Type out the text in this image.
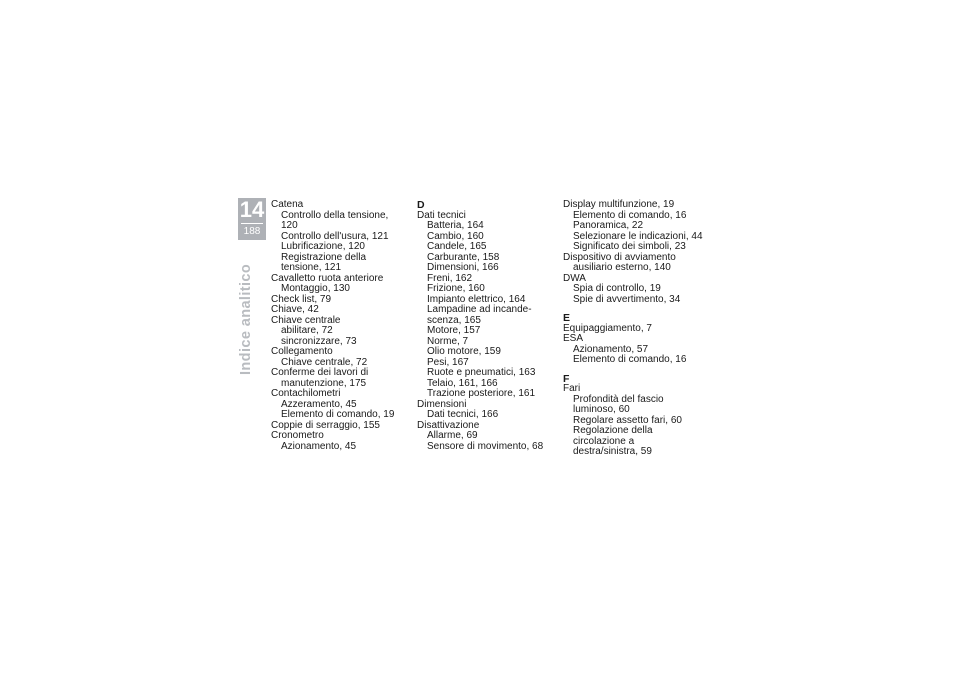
14
188
Indice analitico
Catena
Controllo della tensione, 120
Controllo dell'usura, 121
Lubrificazione, 120
Registrazione della
tensione, 121
Cavalletto ruota anteriore
Montaggio, 130
Check list, 79
Chiave, 42
Chiave centrale
abilitare, 72
sincronizzare, 73
Collegamento
Chiave centrale, 72
Conferme dei lavori di
manutenzione, 175
Contachilometri
Azzeramento, 45
Elemento di comando, 19
Coppie di serraggio, 155
Cronometro
Azionamento, 45
D
Dati tecnici
Batteria, 164
Cambio, 160
Candele, 165
Carburante, 158
Dimensioni, 166
Freni, 162
Frizione, 160
Impianto elettrico, 164
Lampadine ad incande-
scenza, 165
Motore, 157
Norme, 7
Olio motore, 159
Pesi, 167
Ruote e pneumatici, 163
Telaio, 161, 166
Trazione posteriore, 161
Dimensioni
Dati tecnici, 166
Disattivazione
Allarme, 69
Sensore di movimento, 68
Display multifunzione, 19
Elemento di comando, 16
Panoramica, 22
Selezionare le indicazioni, 44
Significato dei simboli, 23
Dispositivo di avviamento
ausiliario esterno, 140
DWA
Spia di controllo, 19
Spie di avvertimento, 34
E
Equipaggiamento, 7
ESA
Azionamento, 57
Elemento di comando, 16
F
Fari
Profondità del fascio
luminoso, 60
Regolare assetto fari, 60
Regolazione della circolazione a
destra/sinistra, 59
